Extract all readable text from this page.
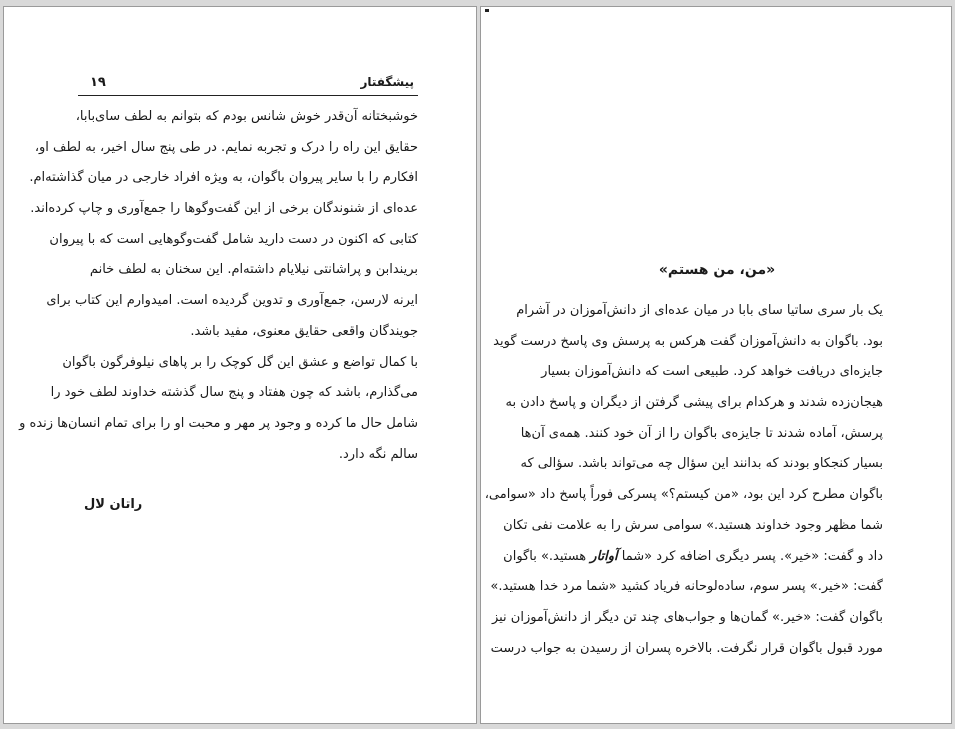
۱۹	پیشگفتار
خوشبختانه آن‌قدر خوش شانس بودم که بتوانم به لطف سای‌بابا،
حقایق این راه را درک و تجربه نمایم. در طی پنج سال اخیر، به لطف او،
افکارم را با سایر پیروان باگوان، به ویژه افراد خارجی در میان گذاشته‌ام.
عده‌ای از شنوندگان برخی از این گفت‌وگوها را جمع‌آوری و چاپ کرده‌اند.
کتابی که اکنون در دست دارید شامل گفت‌وگوهایی است که با پیروان
بریندابن و پراشانتی نیلایام داشته‌ام. این سخنان به لطف خانم
ایرنه لارسن، جمع‌آوری و تدوین گردیده است. امیدوارم این کتاب برای
جویندگان واقعی حقایق معنوی، مفید باشد.
با کمال تواضع و عشق این گل کوچک را بر پاهای نیلوفرگون باگوان
می‌گذارم، باشد که چون هفتاد و پنج سال گذشته خداوند لطف خود را
شامل حال ما کرده و وجود پر مهر و محبت او را برای تمام انسان‌ها زنده و
سالم نگه دارد.
راتان لال
«من، من هستم»
یک بار سری ساتیا سای بابا در میان عده‌ای از دانش‌آموزان در آشرام
بود. باگوان به دانش‌آموزان گفت هرکس به پرسش وی پاسخ درست گوید
جایزه‌ای دریافت خواهد کرد. طبیعی است که دانش‌آموزان بسیار
هیجان‌زده شدند و هرکدام برای پیشی گرفتن از دیگران و پاسخ دادن به
پرسش، آماده شدند تا جایزه‌ی باگوان را از آن خود کنند. همه‌ی آن‌ها
بسیار کنجکاو بودند که بدانند این سؤال چه می‌تواند باشد. سؤالی که
باگوان مطرح کرد این بود، «من کیستم؟» پسرکی فوراً پاسخ داد «سوامی،
شما مظهر وجود خداوند هستید.» سوامی سرش را به علامت نفی تکان
داد و گفت: «خیر». پسر دیگری اضافه کرد «شما آواتار هستید.» باگوان
گفت: «خیر.» پسر سوم، ساده‌لوحانه فریاد کشید «شما مرد خدا هستید.»
باگوان گفت: «خیر.» گمان‌ها و جواب‌های چند تن دیگر از دانش‌آموزان نیز
مورد قبول باگوان قرار نگرفت. بالاخره پسران از رسیدن به جواب درست
